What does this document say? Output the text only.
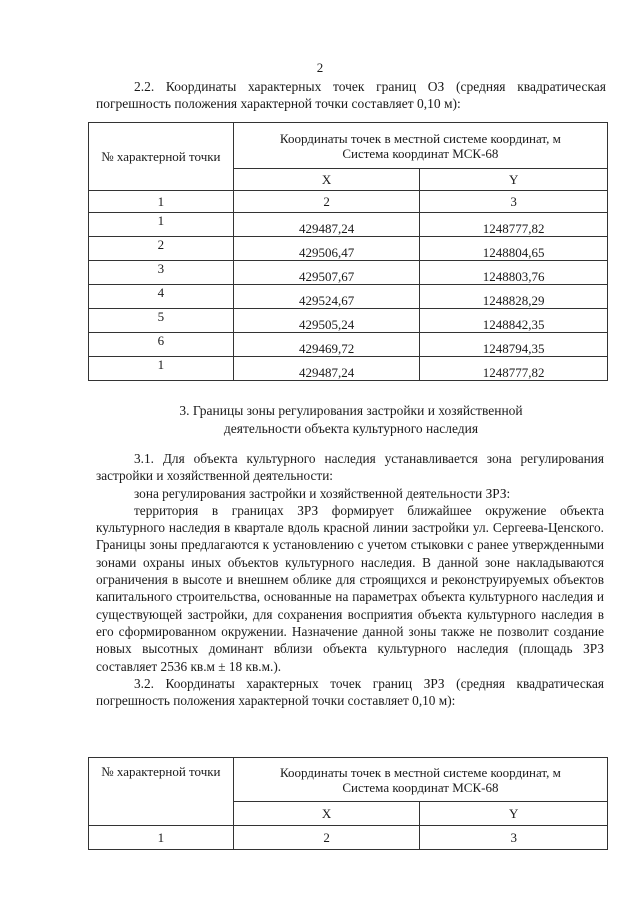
2
2.2. Координаты характерных точек границ ОЗ (средняя квадратическая погрешность положения характерной точки составляет 0,10 м):
№ характерной точки	Координаты точек в местной системе координат, м
Система координат МСК-68	

	X	Y
1	2	3
1	429487,24	1248777,82
2	429506,47	1248804,65
3	429507,67	1248803,76
4	429524,67	1248828,29
5	429505,24	1248842,35
6	429469,72	1248794,35
1	429487,24	1248777,82
3. Границы зоны регулирования застройки и хозяйственной
деятельности объекта культурного наследия

3.1. Для объекта культурного наследия устанавливается зона регулирования застройки и хозяйственной деятельности:

зона регулирования застройки и хозяйственной деятельности ЗРЗ:

территория в границах ЗРЗ формирует ближайшее окружение объекта культурного наследия в квартале вдоль красной линии застройки ул. Сергеева-Ценского. Границы зоны предлагаются к установлению с учетом стыковки с ранее утвержденными зонами охраны иных объектов культурного наследия. В данной зоне накладываются ограничения в высоте и внешнем облике для строящихся и реконструируемых объектов капитального строительства, основанные на параметрах объекта культурного наследия и существующей застройки, для сохранения восприятия объекта культурного наследия в его сформированном окружении. Назначение данной зоны также не позволит создание новых высотных доминант вблизи объекта культурного наследия (площадь ЗРЗ составляет 2536 кв.м ± 18 кв.м.).

3.2. Координаты характерных точек границ ЗРЗ (средняя квадратическая погрешность положения характерной точки составляет 0,10 м):

№ характерной точки	Координаты точек в местной системе координат, м
Система координат МСК-68	

	X	Y
1	2	3
